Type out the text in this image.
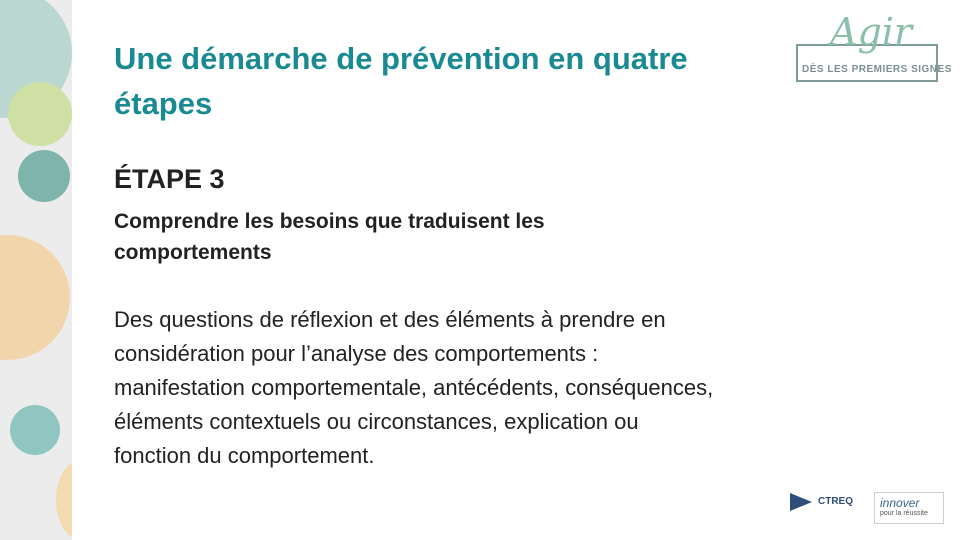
Une démarche de prévention en quatre étapes
ÉTAPE 3
Comprendre les besoins que traduisent les comportements
Des questions de réflexion et des éléments à prendre en considération pour l’analyse des comportements : manifestation comportementale, antécédents, conséquences, éléments contextuels ou circonstances, explication ou fonction du comportement.
Agir
DÈS LES PREMIERS SIGNES
CTREQ innover
pour la réussite
